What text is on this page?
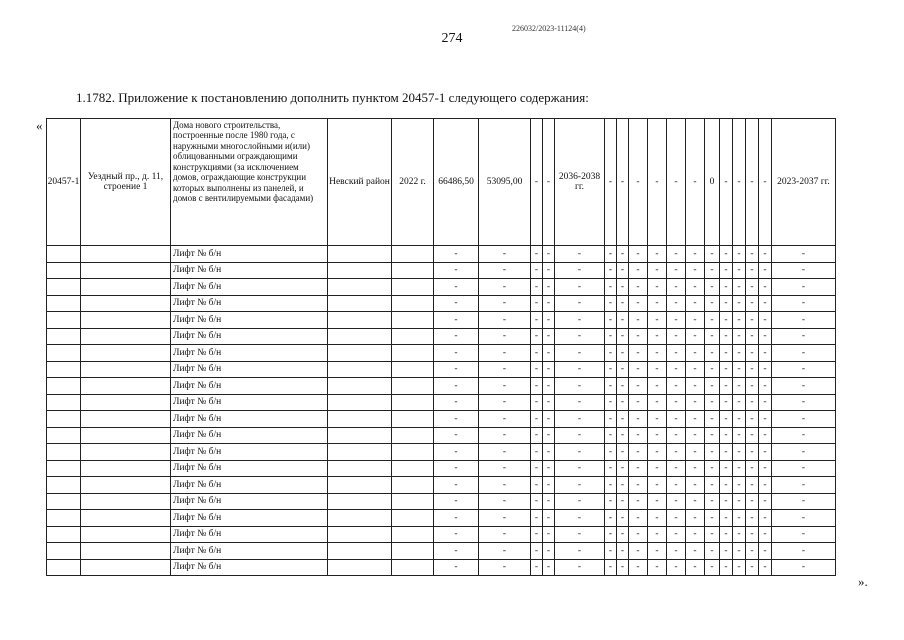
274
226032/2023-11124(4)
1.1782. Приложение к постановлению дополнить пунктом 20457-1 следующего содержания:
«
20457-1	Уездный пр., д. 11, строение 1	Дома нового строительства, построенные после 1980 года, с наружными многослойными и(или) облицованными ограждающими конструкциями (за исключением домов, ограждающие конструкции которых выполнены из панелей, и домов с вентилируемыми фасадами)	Невский район	2022 г.	66486,50	53095,00	-	-	2036-2038 гг.	-	-	-	-	-	-	0	-	-	-	-	2023-2037 гг.
		Лифт № б/н			-	-	-	-	-	-	-	-	-	-	-	-	-	-	-	-	-
		Лифт № б/н			-	-	-	-	-	-	-	-	-	-	-	-	-	-	-	-	-
		Лифт № б/н			-	-	-	-	-	-	-	-	-	-	-	-	-	-	-	-	-
		Лифт № б/н			-	-	-	-	-	-	-	-	-	-	-	-	-	-	-	-	-
		Лифт № б/н			-	-	-	-	-	-	-	-	-	-	-	-	-	-	-	-	-
		Лифт № б/н			-	-	-	-	-	-	-	-	-	-	-	-	-	-	-	-	-
		Лифт № б/н			-	-	-	-	-	-	-	-	-	-	-	-	-	-	-	-	-
		Лифт № б/н			-	-	-	-	-	-	-	-	-	-	-	-	-	-	-	-	-
		Лифт № б/н			-	-	-	-	-	-	-	-	-	-	-	-	-	-	-	-	-
		Лифт № б/н			-	-	-	-	-	-	-	-	-	-	-	-	-	-	-	-	-
		Лифт № б/н			-	-	-	-	-	-	-	-	-	-	-	-	-	-	-	-	-
		Лифт № б/н			-	-	-	-	-	-	-	-	-	-	-	-	-	-	-	-	-
		Лифт № б/н			-	-	-	-	-	-	-	-	-	-	-	-	-	-	-	-	-
		Лифт № б/н			-	-	-	-	-	-	-	-	-	-	-	-	-	-	-	-	-
		Лифт № б/н			-	-	-	-	-	-	-	-	-	-	-	-	-	-	-	-	-
		Лифт № б/н			-	-	-	-	-	-	-	-	-	-	-	-	-	-	-	-	-
		Лифт № б/н			-	-	-	-	-	-	-	-	-	-	-	-	-	-	-	-	-
		Лифт № б/н			-	-	-	-	-	-	-	-	-	-	-	-	-	-	-	-	-
		Лифт № б/н			-	-	-	-	-	-	-	-	-	-	-	-	-	-	-	-	-
		Лифт № б/н			-	-	-	-	-	-	-	-	-	-	-	-	-	-	-	-	-
».
